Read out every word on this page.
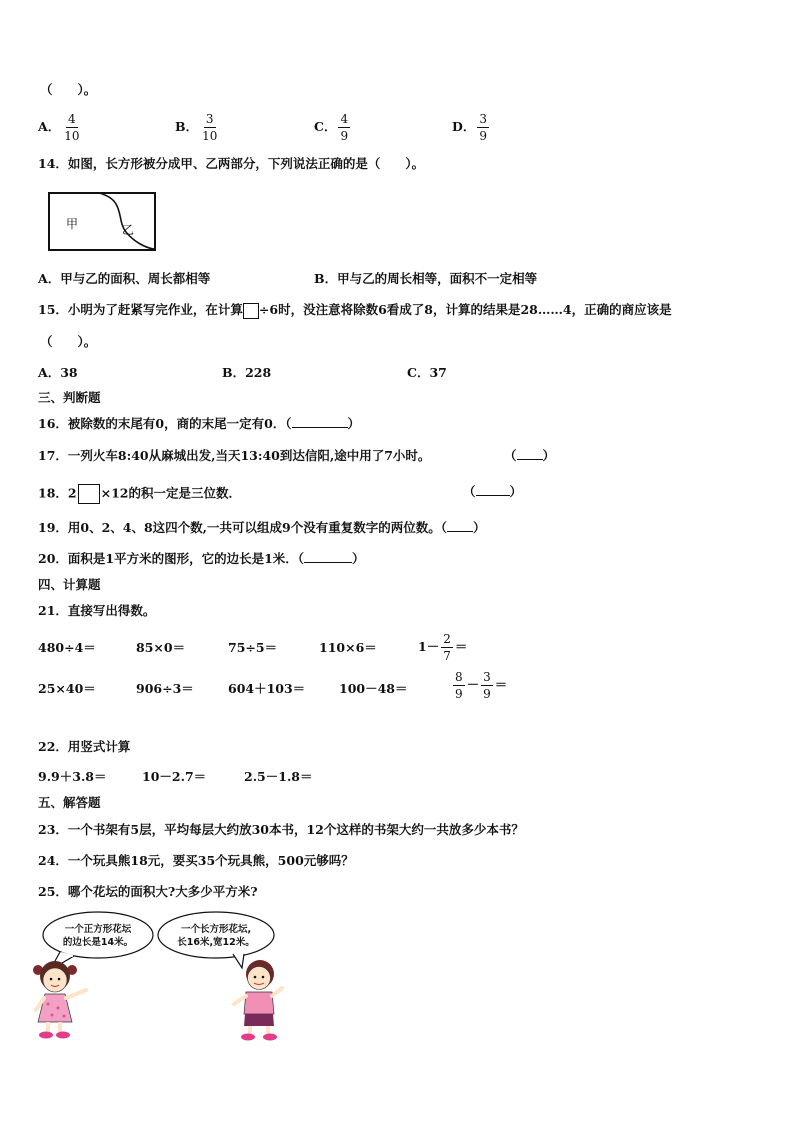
（　　）。
A． $\frac{4}{10}$	B． $\frac{3}{10}$	C． $\frac{4}{9}$	D． $\frac{3}{9}$
14．如图，长方形被分成甲、乙两部分，下列说法正确的是（　　）。
甲	乙
A．甲与乙的面积、周长都相等	B．甲与乙的周长相等，面积不一定相等
15．小明为了赶紧写完作业，在计算 ÷6时，没注意将除数6看成了8，计算的结果是28……4，正确的商应该是
（　　）。
A．38	B．228	C．37
三、判断题
16．被除数的末尾有0，商的末尾一定有0．（	）
17．一列火车8:40从麻城出发,当天13:40到达信阳,途中用了7小时。	（ ）
18．2 ×12的积一定是三位数．	（	）
19．用0、2、4、8这四个数,一共可以组成9个没有重复数字的两位数。（ ）
20．面积是1平方米的图形，它的边长是1米．（	）
四、计算题
21．直接写出得数。
480÷4＝	85×0＝	75÷5＝	110×6＝	$1- \frac{2}{7}$ ＝
25×40＝	906÷3＝	604＋103＝	100－48＝	$\frac{8}{9} - \frac{3}{9}$ ＝
22．用竖式计算
9.9＋3.8＝	10－2.7＝	2.5－1.8＝
五、解答题
23．一个书架有5层，平均每层大约放30本书，12个这样的书架大约一共放多少本书？
24．一个玩具熊18元，要买35个玩具熊，500元够吗？
25．哪个花坛的面积大?大多少平方米?
一个正方形花坛
的边长是14米。
一个长方形花坛,
长16米,宽12米。
